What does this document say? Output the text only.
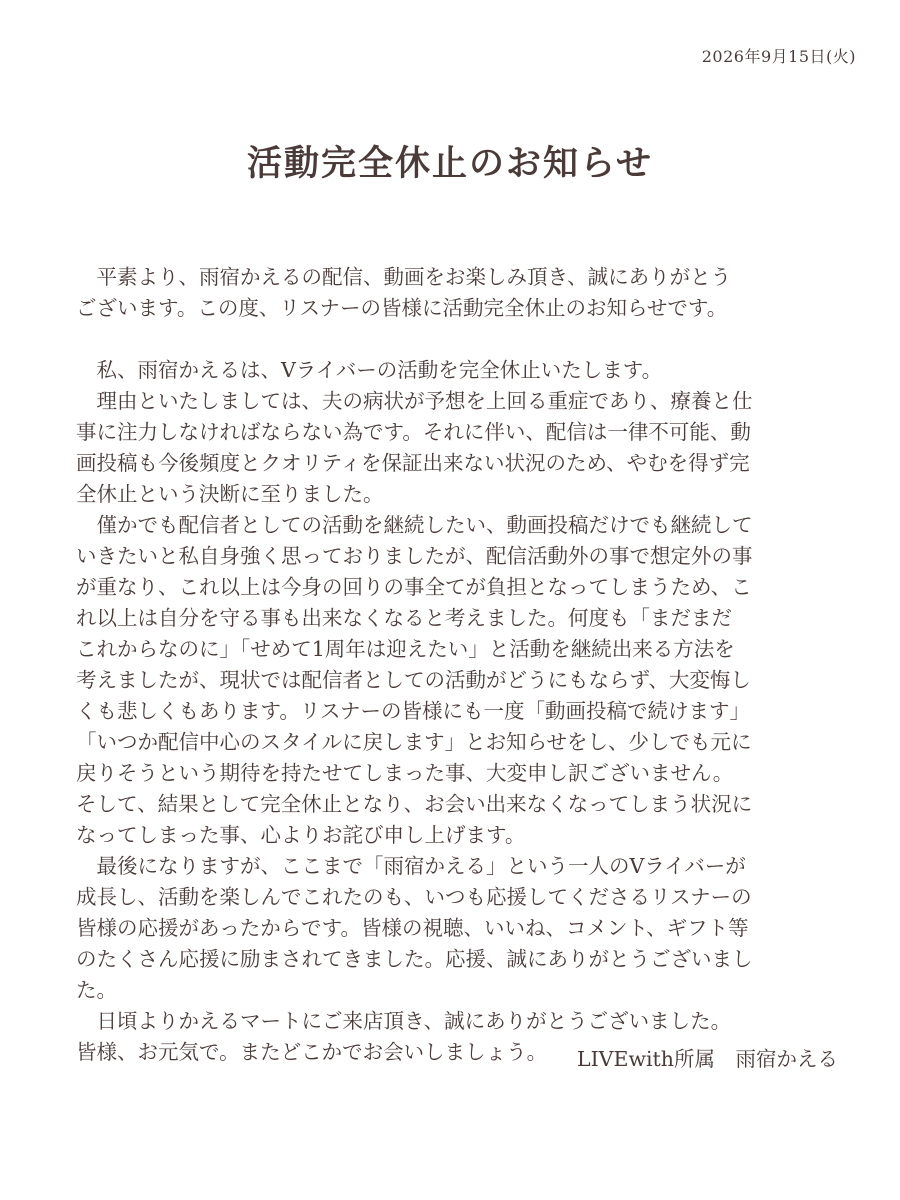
2026年9月15日(火)
活動完全休止のお知らせ

　平素より、雨宿かえるの配信、動画をお楽しみ頂き、誠にありがとう
ございます。この度、リスナーの皆様に活動完全休止のお知らせです。

　私、雨宿かえるは、Vライバーの活動を完全休止いたします。
　理由といたしましては、夫の病状が予想を上回る重症であり、療養と仕
事に注力しなければならない為です。それに伴い、配信は一律不可能、動
画投稿も今後頻度とクオリティを保証出来ない状況のため、やむを得ず完
全休止という決断に至りました。
　僅かでも配信者としての活動を継続したい、動画投稿だけでも継続して
いきたいと私自身強く思っておりましたが、配信活動外の事で想定外の事
が重なり、これ以上は今身の回りの事全てが負担となってしまうため、こ
れ以上は自分を守る事も出来なくなると考えました。何度も「まだまだ
これからなのに」「せめて1周年は迎えたい」と活動を継続出来る方法を
考えましたが、現状では配信者としての活動がどうにもならず、大変悔し
くも悲しくもあります。リスナーの皆様にも一度「動画投稿で続けます」
「いつか配信中心のスタイルに戻します」とお知らせをし、少しでも元に
戻りそうという期待を持たせてしまった事、大変申し訳ございません。
そして、結果として完全休止となり、お会い出来なくなってしまう状況に
なってしまった事、心よりお詫び申し上げます。
　最後になりますが、ここまで「雨宿かえる」という一人のVライバーが
成長し、活動を楽しんでこれたのも、いつも応援してくださるリスナーの
皆様の応援があったからです。皆様の視聴、いいね、コメント、ギフト等
のたくさん応援に励まされてきました。応援、誠にありがとうございまし
た。
　日頃よりかえるマートにご来店頂き、誠にありがとうございました。
皆様、お元気で。またどこかでお会いしましょう。	LIVEwith所属　雨宿かえる
